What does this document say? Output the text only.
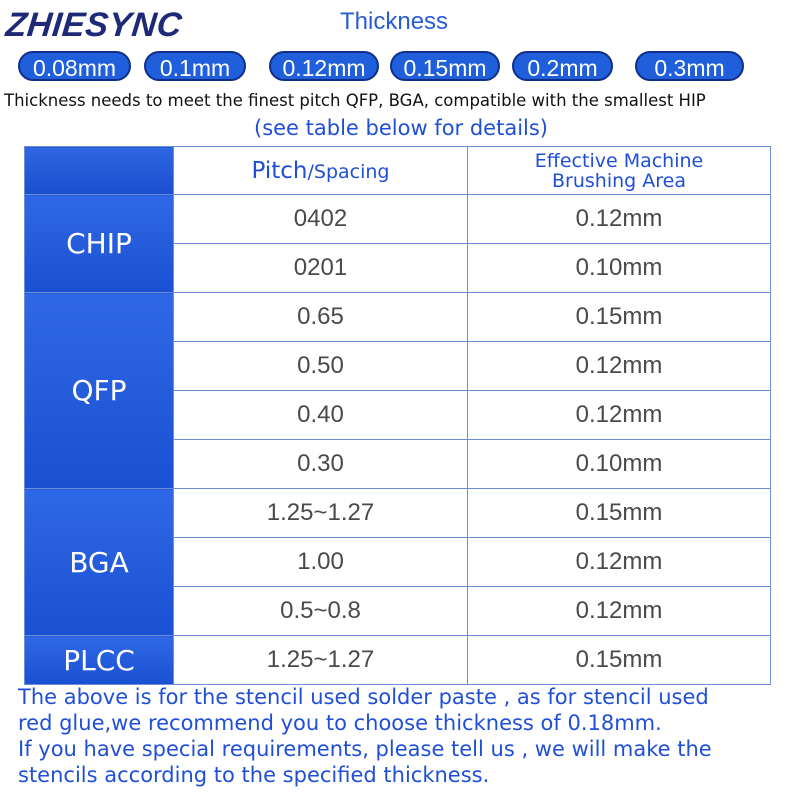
ZHIESYNC	Thickness
0.08mm	0.1mm	0.12mm	0.15mm	0.2mm	0.3mm
Thickness needs to meet the finest pitch QFP, BGA, compatible with the smallest HIP
(see table below for details)
	Pitch/Spacing	Effective Machine
Brushing Area

CHIP	0402	0.12mm
	0201	0.10mm
QFP	0.65	0.15mm
	0.50	0.12mm
	0.40	0.12mm
	0.30	0.10mm
BGA	1.25~1.27	0.15mm
	1.00	0.12mm
	0.5~0.8	0.12mm
PLCC	1.25~1.27	0.15mm

The above is for the stencil used solder paste , as for stencil used

red glue,we recommend you to choose thickness of 0.18mm.

If you have special requirements, please tell us , we will make the

stencils according to the specified thickness.
